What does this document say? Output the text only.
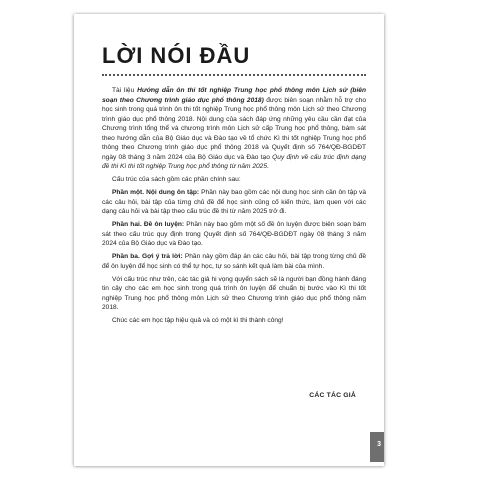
LỜI NÓI ĐẦU

Tài liệu Hướng dẫn ôn thi tốt nghiệp Trung học phổ thông môn Lịch sử (biên soạn theo Chương trình giáo dục phổ thông 2018) được biên soạn nhằm hỗ trợ cho học sinh trong quá trình ôn thi tốt nghiệp Trung học phổ thông môn Lịch sử theo Chương trình giáo dục phổ thông 2018. Nội dung của sách đáp ứng những yêu cầu cần đạt của Chương trình tổng thể và chương trình môn Lịch sử cấp Trung học phổ thông, bám sát theo hướng dẫn của Bộ Giáo dục và Đào tạo về tổ chức Kì thi tốt nghiệp Trung học phổ thông theo Chương trình giáo dục phổ thông 2018 và Quyết định số 764/QĐ-BGDĐT ngày 08 tháng 3 năm 2024 của Bộ Giáo dục và Đào tạo Quy định về cấu trúc định dạng đề thi Kì thi tốt nghiệp Trung học phổ thông từ năm 2025.

Cấu trúc của sách gồm các phần chính sau:

Phần một. Nội dung ôn tập: Phần này bao gồm các nội dung học sinh cần ôn tập và các câu hỏi, bài tập của từng chủ đề để học sinh củng cố kiến thức, làm quen với các dạng câu hỏi và bài tập theo cấu trúc đề thi từ năm 2025 trở đi.

Phần hai. Đề ôn luyện: Phần này bao gồm một số đề ôn luyện được biên soạn bám sát theo cấu trúc quy định trong Quyết định số 764/QĐ-BGDĐT ngày 08 tháng 3 năm 2024 của Bộ Giáo dục và Đào tạo.

Phần ba. Gợi ý trả lời: Phần này gồm đáp án các câu hỏi, bài tập trong từng chủ đề để ôn luyện để học sinh có thể tự học, tự so sánh kết quả làm bài của mình.

Với cấu trúc như trên, các tác giả hi vọng quyển sách sẽ là người bạn đồng hành đáng tin cậy cho các em học sinh trong quá trình ôn luyện để chuẩn bị bước vào Kì thi tốt nghiệp Trung học phổ thông môn Lịch sử theo Chương trình giáo dục phổ thông năm 2018.

Chúc các em học tập hiệu quả và có một kì thi thành công!

CÁC TÁC GIẢ
3
